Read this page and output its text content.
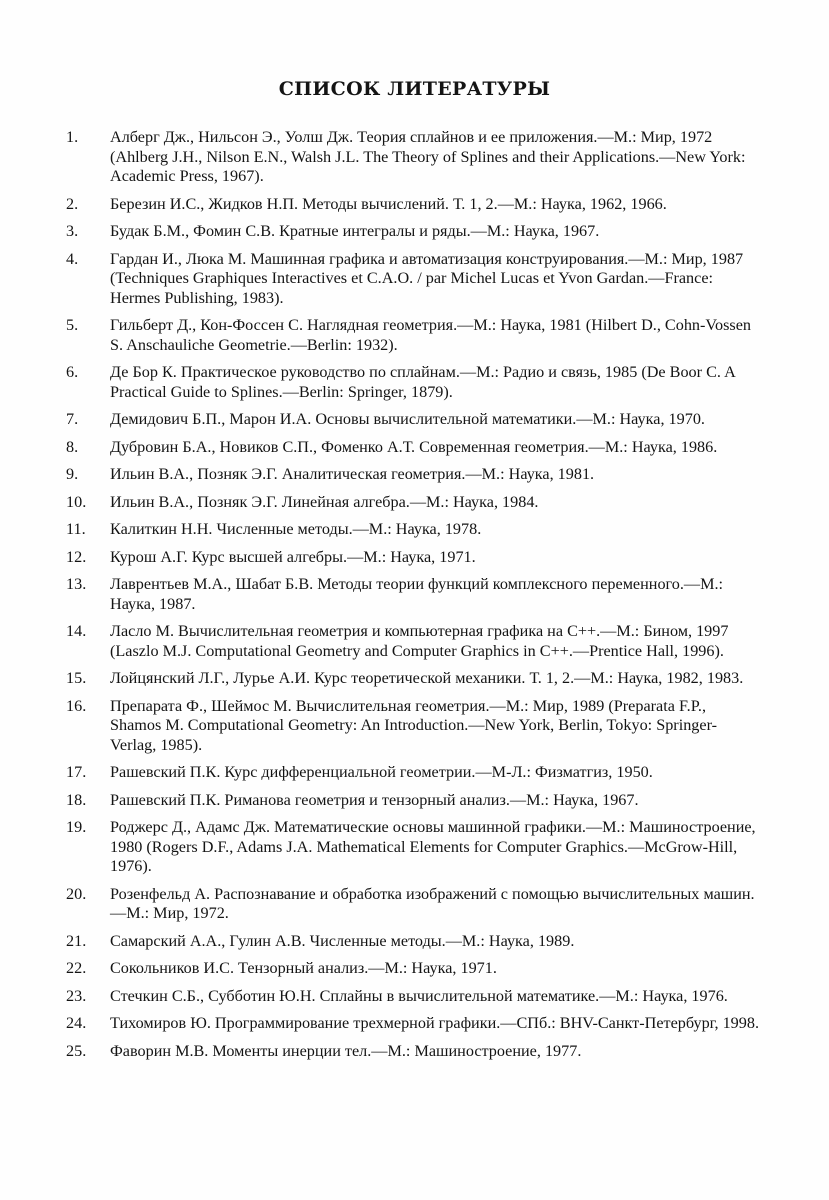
СПИСОК ЛИТЕРАТУРЫ
1.	Алберг Дж., Нильсон Э., Уолш Дж. Теория сплайнов и ее приложения.—М.: Мир, 1972 (Ahlberg J.H., Nilson E.N., Walsh J.L. The Theory of Splines and their Applications.—New York: Academic Press, 1967).
2.	Березин И.С., Жидков Н.П. Методы вычислений. Т. 1, 2.—М.: Наука, 1962, 1966.
3.	Будак Б.М., Фомин С.В. Кратные интегралы и ряды.—М.: Наука, 1967.
4.	Гардан И., Люка М. Машинная графика и автоматизация конструирования.—М.: Мир, 1987 (Techniques Graphiques Interactives et C.A.O. / par Michel Lucas et Yvon Gardan.—France: Hermes Publishing, 1983).
5.	Гильберт Д., Кон-Фоссен С. Наглядная геометрия.—М.: Наука, 1981 (Hilbert D., Cohn-Vossen S. Anschauliche Geometrie.—Berlin: 1932).
6.	Де Бор К. Практическое руководство по сплайнам.—М.: Радио и связь, 1985 (De Boor C. A Practical Guide to Splines.—Berlin: Springer, 1879).
7.	Демидович Б.П., Марон И.А. Основы вычислительной математики.—М.: Наука, 1970.
8.	Дубровин Б.А., Новиков С.П., Фоменко А.Т. Современная геометрия.—М.: Наука, 1986.
9.	Ильин В.А., Позняк Э.Г. Аналитическая геометрия.—М.: Наука, 1981.
10.	Ильин В.А., Позняк Э.Г. Линейная алгебра.—М.: Наука, 1984.
11.	Калиткин Н.Н. Численные методы.—М.: Наука, 1978.
12.	Курош А.Г. Курс высшей алгебры.—М.: Наука, 1971.
13.	Лаврентьев М.А., Шабат Б.В. Методы теории функций комплексного переменного.—М.: Наука, 1987.
14.	Ласло М. Вычислительная геометрия и компьютерная графика на С++.—М.: Бином, 1997 (Laszlo M.J. Computational Geometry and Computer Graphics in C++.—Prentice Hall, 1996).
15.	Лойцянский Л.Г., Лурье А.И. Курс теоретической механики. Т. 1, 2.—М.: Наука, 1982, 1983.
16.	Препарата Ф., Шеймос М. Вычислительная геометрия.—М.: Мир, 1989 (Preparata F.P., Shamos M. Computational Geometry: An Introduction.—New York, Berlin, Tokyo: Springer-Verlag, 1985).
17.	Рашевский П.К. Курс дифференциальной геометрии.—М-Л.: Физматгиз, 1950.
18.	Рашевский П.К. Риманова геометрия и тензорный анализ.—М.: Наука, 1967.
19.	Роджерс Д., Адамс Дж. Математические основы машинной графики.—М.: Машиностроение, 1980 (Rogers D.F., Adams J.A. Mathematical Elements for Computer Graphics.—McGrow-Hill, 1976).
20.	Розенфельд А. Распознавание и обработка изображений с помощью вычислительных машин.—М.: Мир, 1972.
21.	Самарский А.А., Гулин А.В. Численные методы.—М.: Наука, 1989.
22.	Сокольников И.С. Тензорный анализ.—М.: Наука, 1971.
23.	Стечкин С.Б., Субботин Ю.Н. Сплайны в вычислительной математике.—М.: Наука, 1976.
24.	Тихомиров Ю. Программирование трехмерной графики.—СПб.: BHV-Санкт-Петербург, 1998.
25.	Фаворин М.В. Моменты инерции тел.—М.: Машиностроение, 1977.
